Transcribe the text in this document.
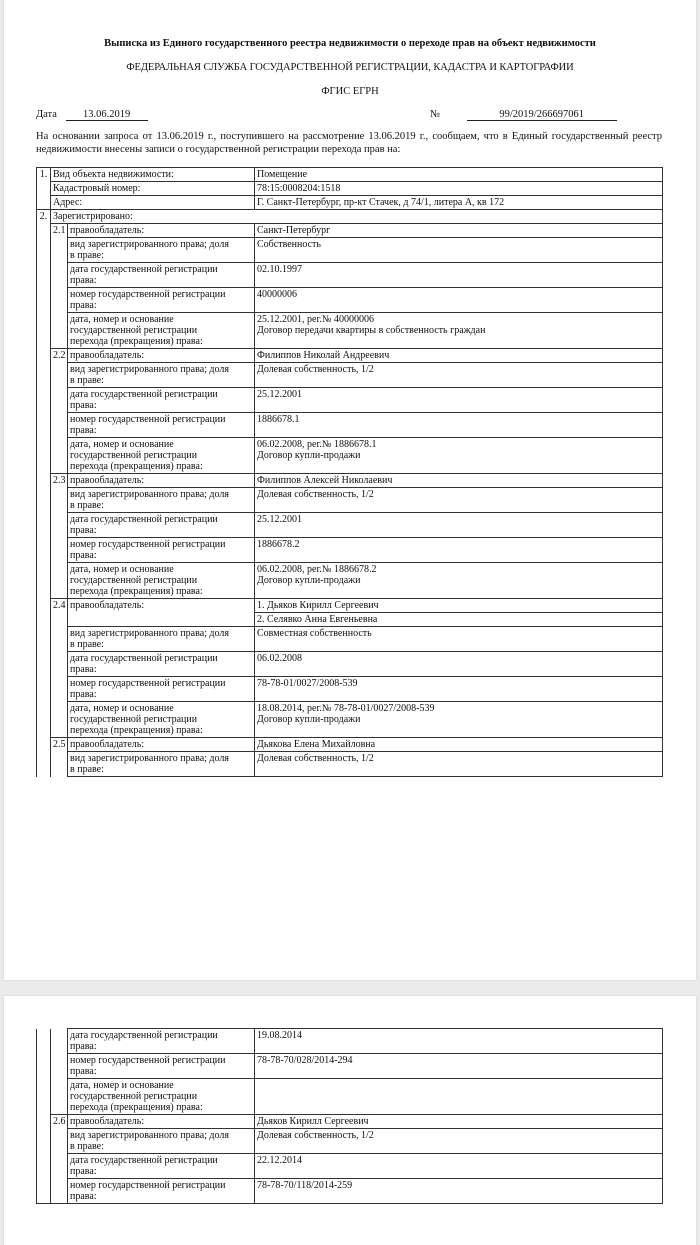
Выписка из Единого государственного реестра недвижимости о переходе прав на объект недвижимости
ФЕДЕРАЛЬНАЯ СЛУЖБА ГОСУДАРСТВЕННОЙ РЕГИСТРАЦИИ, КАДАСТРА И КАРТОГРАФИИ
ФГИС ЕГРН
Дата 13.06.2019	№	99/2019/266697061
На основании запроса от 13.06.2019 г., поступившего на рассмотрение 13.06.2019 г., сообщаем, что в Единый государственный реестр недвижимости внесены записи о государственной регистрации перехода прав на:
1.	Вид объекта недвижимости:		Помещение
	Кадастровый номер:		78:15:0008204:1518
	Адрес:		Г. Санкт-Петербург, пр-кт Стачек, д 74/1, литера А, кв 172
2.	Зарегистрировано:		
	2.1	правообладатель:	Санкт-Петербург

		вид зарегистрированного права; доля
в праве:	Собственность

		дата государственной регистрации
права:	02.10.1997

		номер государственной регистрации
права:	40000006

		дата, номер и основание
государственной регистрации
перехода (прекращения) права:	25.12.2001, рег.№ 40000006
Договор передачи квартиры в собственность граждан

	2.2	правообладатель:	Филиппов Николай Андреевич

		вид зарегистрированного права; доля
в праве:	Долевая собственность, 1/2

		дата государственной регистрации
права:	25.12.2001

		номер государственной регистрации
права:	1886678.1

		дата, номер и основание
государственной регистрации
перехода (прекращения) права:	06.02.2008, рег.№ 1886678.1
Договор купли-продажи

	2.3	правообладатель:	Филиппов Алексей Николаевич

		вид зарегистрированного права; доля
в праве:	Долевая собственность, 1/2

		дата государственной регистрации
права:	25.12.2001

		номер государственной регистрации
права:	1886678.2

		дата, номер и основание
государственной регистрации
перехода (прекращения) права:	06.02.2008, рег.№ 1886678.2
Договор купли-продажи

	2.4	правообладатель:	1. Дьяков Кирилл Сергеевич
			2. Селявко Анна Евгеньевна

		вид зарегистрированного права; доля
в праве:	Совместная собственность

		дата государственной регистрации
права:	06.02.2008

		номер государственной регистрации
права:	78-78-01/0027/2008-539

		дата, номер и основание
государственной регистрации
перехода (прекращения) права:	18.08.2014, рег.№ 78-78-01/0027/2008-539
Договор купли-продажи

	2.5	правообладатель:	Дьякова Елена Михайловна

		вид зарегистрированного права; доля
в праве:	Долевая собственность, 1/2

		дата государственной регистрации
права:	19.08.2014

		номер государственной регистрации
права:	78-78-70/028/2014-294

		дата, номер и основание
государственной регистрации
перехода (прекращения) права:	

	2.6	правообладатель:	Дьяков Кирилл Сергеевич

		вид зарегистрированного права; доля
в праве:	Долевая собственность, 1/2

		дата государственной регистрации
права:	22.12.2014

		номер государственной регистрации
права:	78-78-70/118/2014-259
